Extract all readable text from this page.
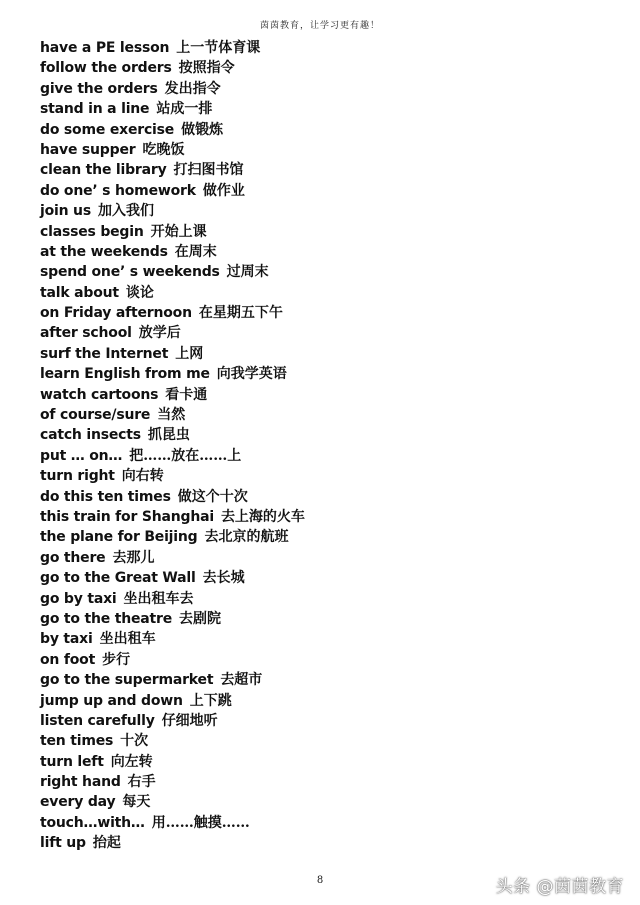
茵茵教育，让学习更有趣！
have a PE lesson 上一节体育课
follow the orders 按照指令
give the orders 发出指令
stand in a line 站成一排
do some exercise 做锻炼
have supper 吃晚饭
clean the library 打扫图书馆
do one’ s homework 做作业
join us 加入我们
classes begin 开始上课
at the weekends 在周末
spend one’ s weekends 过周末
talk about 谈论
on Friday afternoon 在星期五下午
after school 放学后
surf the Internet 上网
learn English from me 向我学英语
watch cartoons 看卡通
of course/sure 当然
catch insects 抓昆虫
put … on… 把……放在……上
turn right 向右转
do this ten times 做这个十次
this train for Shanghai 去上海的火车
the plane for Beijing 去北京的航班
go there 去那儿
go to the Great Wall 去长城
go by taxi 坐出租车去
go to the theatre 去剧院
by taxi 坐出租车
on foot 步行
go to the supermarket 去超市
jump up and down 上下跳
listen carefully 仔细地听
ten times 十次
turn left 向左转
right hand 右手
every day 每天
touch…with… 用……触摸……
lift up 抬起
8	头条 @茵茵教育
